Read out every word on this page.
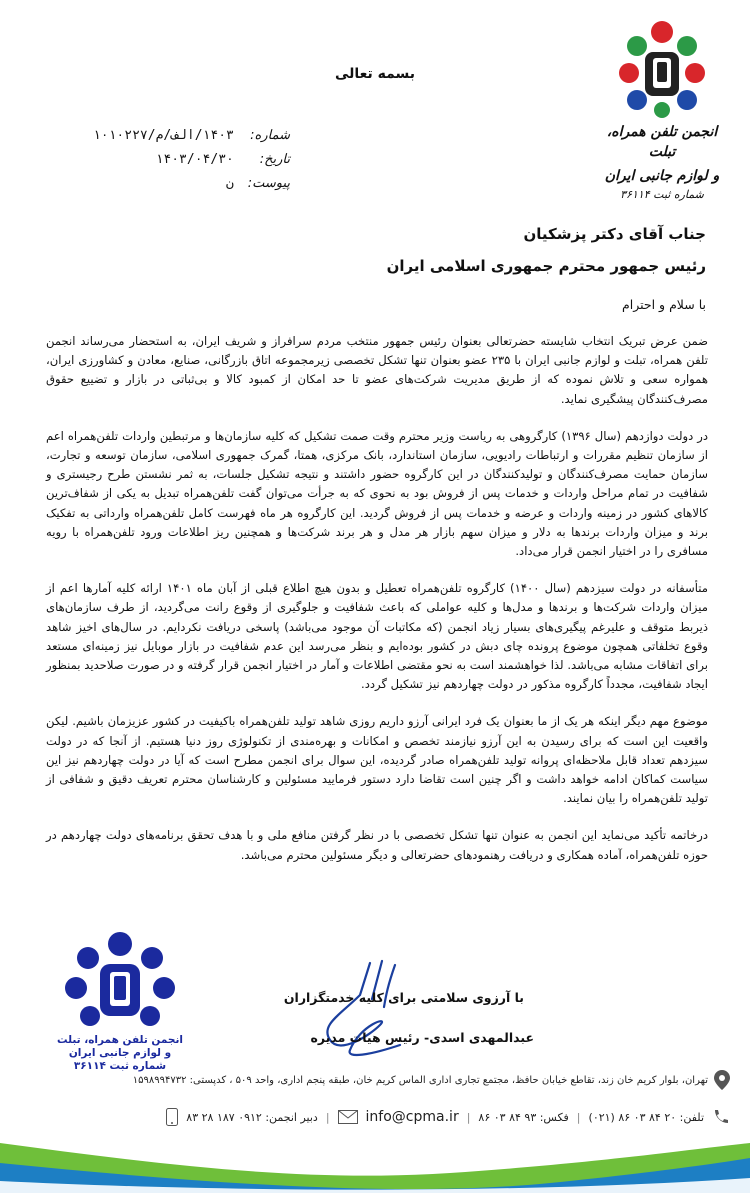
انجمن تلفن همراه، تبلت
و لوازم جانبی ایران
شماره ثبت ۳۶۱۱۴
بسمه تعالی
شماره: ۱۴۰۳/الف/م/۱۰۱۰۲۲۷
تاریخ: ۱۴۰۳/۰۴/۳۰
پیوست: ن
جناب آقای دکتر پزشکیان
رئیس جمهور محترم جمهوری اسلامی ایران
با سلام و احترام

ضمن عرض تبریک انتخاب شایسته حضرتعالی بعنوان رئیس جمهور منتخب مردم سرافراز و شریف ایران، به استحضار می‌رساند انجمن تلفن همراه، تبلت و لوازم جانبی ایران با ۲۳۵ عضو بعنوان تنها تشکل تخصصی زیرمجموعه اتاق بازرگانی، صنایع، معادن و کشاورزی ایران، همواره سعی و تلاش نموده که از طریق مدیریت شرکت‌های عضو تا حد امکان از کمبود کالا و بی‌ثباتی در بازار و تضییع حقوق مصرف‌کنندگان پیشگیری نماید.

در دولت دوازدهم (سال ۱۳۹۶) کارگروهی به ریاست وزیر محترم وقت صمت تشکیل که کلیه سازمان‌ها و مرتبطین واردات تلفن‌همراه اعم از سازمان تنظیم مقررات و ارتباطات رادیویی، سازمان استاندارد، بانک مرکزی، همتا، گمرک جمهوری اسلامی، سازمان توسعه و تجارت، سازمان حمایت مصرف‌کنندگان و تولیدکنندگان در این کارگروه حضور داشتند و نتیجه تشکیل جلسات، به ثمر نشستن طرح رجیستری و شفافیت در تمام مراحل واردات و خدمات پس از فروش بود به نحوی که به جرأت می‌توان گفت تلفن‌همراه تبدیل به یکی از شفاف‌ترین کالاهای کشور در زمینه واردات و عرضه و خدمات پس از فروش گردید. این کارگروه هر ماه فهرست کامل تلفن‌همراه وارداتی به تفکیک برند و میزان واردات برندها به دلار و میزان سهم بازار هر مدل و هر برند شرکت‌ها و همچنین ریز اطلاعات ورود تلفن‌همراه با رویه مسافری را در اختیار انجمن قرار می‌داد.

متأسفانه در دولت سیزدهم (سال ۱۴۰۰) کارگروه تلفن‌همراه تعطیل و بدون هیچ اطلاع قبلی از آبان ماه ۱۴۰۱ ارائه کلیه آمارها اعم از میزان واردات شرکت‌ها و برندها و مدل‌ها و کلیه عواملی که باعث شفافیت و جلوگیری از وقوع رانت می‌گردید، از طرف سازمان‌های ذیربط متوقف و علیرغم پیگیری‌های بسیار زیاد انجمن (که مکاتبات آن موجود می‌باشد) پاسخی دریافت نکردایم. در سال‌های اخیز شاهد وقوع تخلفاتی همچون موضوع پرونده چای دبش در کشور بوده‌ایم و بنظر می‌رسد این عدم شفافیت در بازار موبایل نیز زمینه‌ای مستعد برای اتفاقات مشابه می‌باشد. لذا خواهشمند است به نحو مقتضی اطلاعات و آمار در اختیار انجمن قرار گرفته و در صورت صلاحدید بمنظور ایجاد شفافیت، مجدداً کارگروه مذکور در دولت چهاردهم نیز تشکیل گردد.

موضوع مهم دیگر اینکه هر یک از ما بعنوان یک فرد ایرانی آرزو داریم روزی شاهد تولید تلفن‌همراه باکیفیت در کشور عزیزمان باشیم. لیکن واقعیت این است که برای رسیدن به این آرزو نیازمند تخصص و امکانات و بهره‌مندی از تکنولوژی روز دنیا هستیم. از آنجا که در دولت سیزدهم تعداد قابل ملاحظه‌ای پروانه تولید تلفن‌همراه صادر گردیده، این سوال برای انجمن مطرح است که آیا در دولت چهاردهم نیز این سیاست کماکان ادامه خواهد داشت و اگر چنین است تقاضا دارد دستور فرمایید مسئولین و کارشناسان محترم تعریف دقیق و شفافی از تولید تلفن‌همراه را بیان نمایند.

درخاتمه تأکید می‌نماید این انجمن به عنوان تنها تشکل تخصصی با در نظر گرفتن منافع ملی و با هدف تحقق برنامه‌های دولت چهاردهم در حوزه تلفن‌همراه، آماده همکاری و دریافت رهنمودهای حضرتعالی و دیگر مسئولین محترم می‌باشد.

با آرزوی سلامتی برای کلیه خدمتگزاران
عبدالمهدی اسدی- رئیس هیات مدیره
انجمن تلفن همراه، تبلت
و لوازم جانبی ایران
شماره ثبت ۳۶۱۱۴
تهران، بلوار کریم خان زند، تقاطع خیابان حافظ، مجتمع تجاری اداری الماس کریم خان، طبقه پنجم اداری، واحد ۵۰۹ ، کدپستی: ۱۵۹۸۹۹۴۷۳۲
تلفن: ۲۰ ۸۴ ۰۳ ۸۶ (۰۲۱)
|
فکس: ۹۳ ۸۴ ۰۳ ۸۶
|
info@cpma.ir
|
دبیر انجمن: ۰۹۱۲ ۱۸۷ ۲۸ ۸۳
